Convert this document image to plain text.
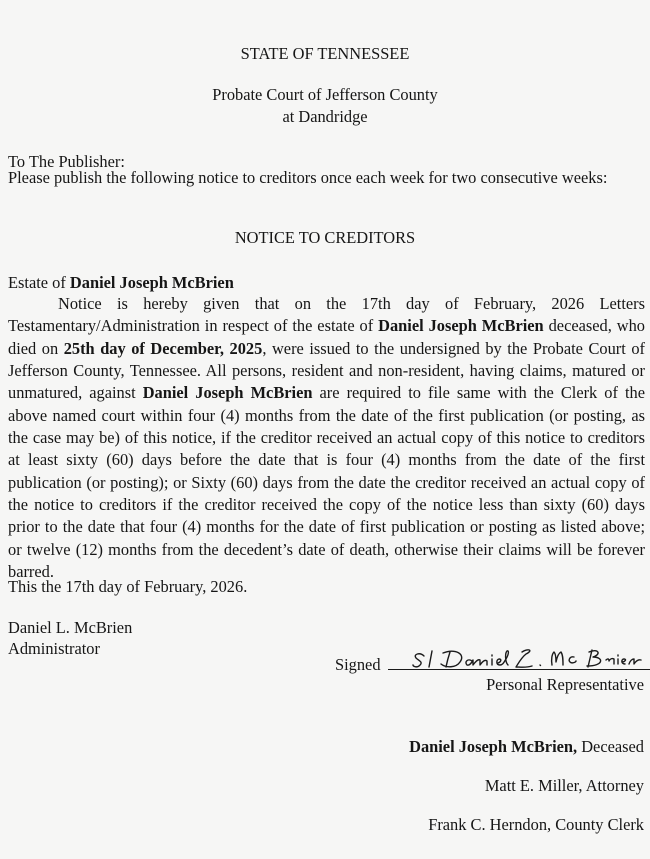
STATE OF TENNESSEE
Probate Court of Jefferson County
at Dandridge
To The Publisher:
Please publish the following notice to creditors once each week for two consecutive weeks:
NOTICE TO CREDITORS
Estate of Daniel Joseph McBrien
Notice is hereby given that on the 17th day of February, 2026 Letters Testamentary/Administration in respect of the estate of Daniel Joseph McBrien deceased, who died on 25th day of December, 2025, were issued to the undersigned by the Probate Court of Jefferson County, Tennessee. All persons, resident and non-resident, having claims, matured or unmatured, against Daniel Joseph McBrien are required to file same with the Clerk of the above named court within four (4) months from the date of the first publication (or posting, as the case may be) of this notice, if the creditor received an actual copy of this notice to creditors at least sixty (60) days before the date that is four (4) months from the date of the first publication (or posting); or Sixty (60) days from the date the creditor received an actual copy of the notice to creditors if the creditor received the copy of the notice less than sixty (60) days prior to the date that four (4) months for the date of first publication or posting as listed above; or twelve (12) months from the decedent’s date of death, otherwise their claims will be forever barred.
This the 17th day of February, 2026.
Daniel L. McBrien
Administrator
Signed
Personal Representative
Daniel Joseph McBrien, Deceased
Matt E. Miller, Attorney
Frank C. Herndon, County Clerk
